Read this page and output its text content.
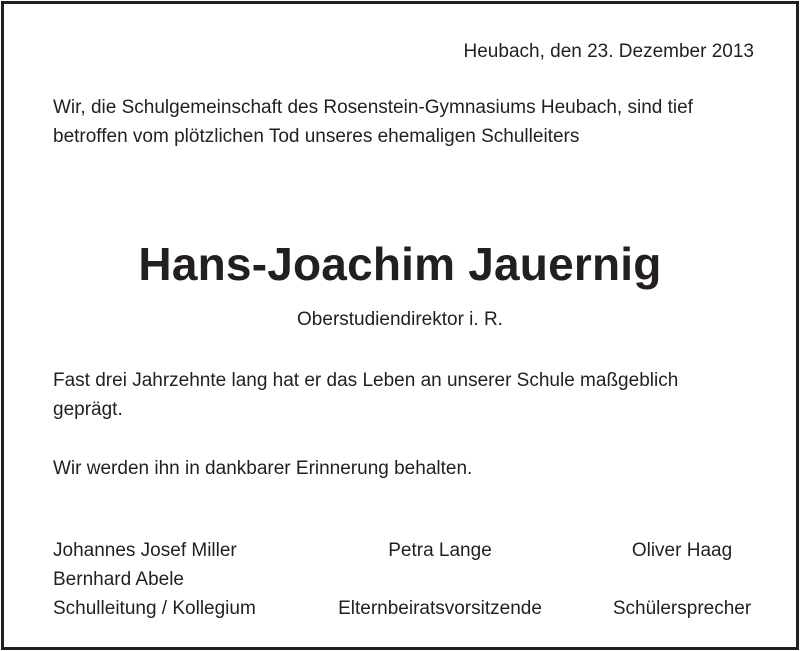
Heubach, den 23. Dezember 2013

Wir, die Schulgemeinschaft des Rosenstein-Gymnasiums Heubach, sind tief
betroffen vom plötzlichen Tod unseres ehemaligen Schulleiters
Hans-Joachim Jauernig

Oberstudiendirektor i. R.

Fast drei Jahrzehnte lang hat er das Leben an unserer Schule maßgeblich
geprägt.

Wir werden ihn in dankbarer Erinnerung behalten.

Johannes Josef Miller
Bernhard Abele
Schulleitung / Kollegium
Petra Lange
Elternbeiratsvorsitzende
Oliver Haag
Schülersprecher
